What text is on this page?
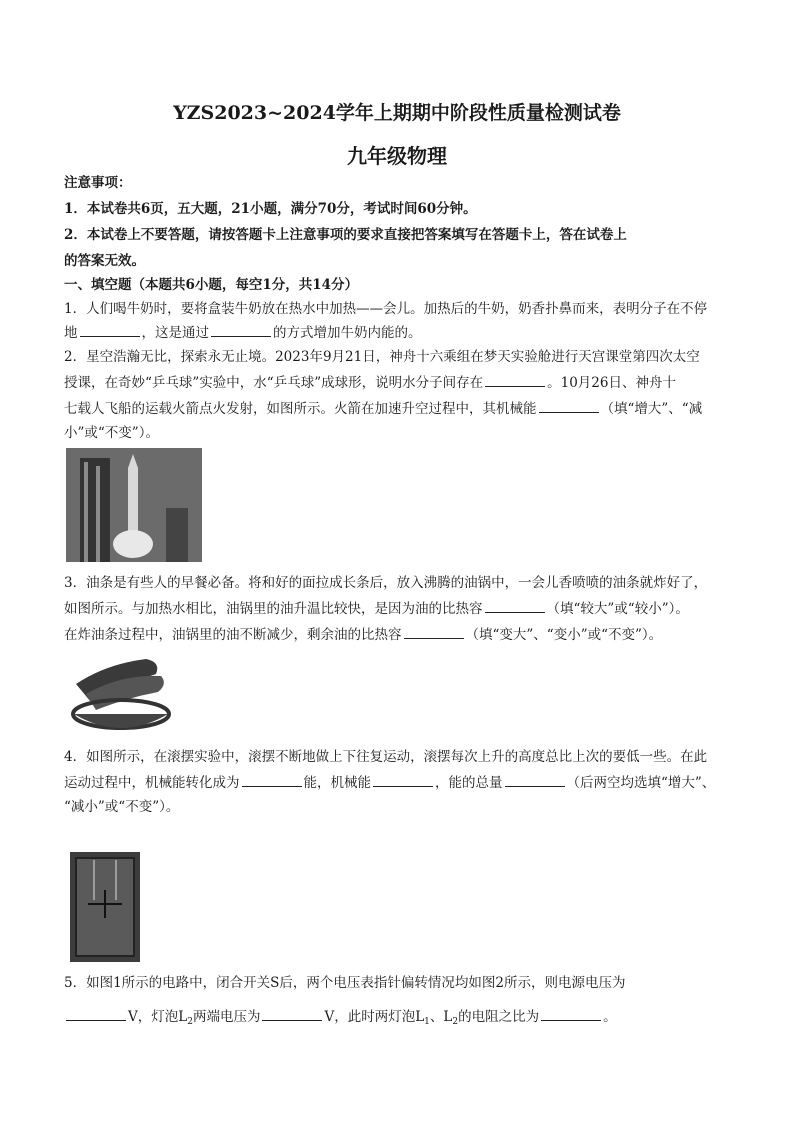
YZS2023~2024学年上期期中阶段性质量检测试卷
九年级物理
注意事项：
1．本试卷共6页，五大题，21小题，满分70分，考试时间60分钟。
2．本试卷上不要答题，请按答题卡上注意事项的要求直接把答案填写在答题卡上，答在试卷上
的答案无效。
一、填空题（本题共6小题，每空1分，共14分）
1．人们喝牛奶时，要将盒装牛奶放在热水中加热——会儿。加热后的牛奶，奶香扑鼻而来，表明分子在不停
地	，这是通过	的方式增加牛奶内能的。
2．星空浩瀚无比，探索永无止境。2023年9月21日，神舟十六乘组在梦天实验舱进行天宫课堂第四次太空
授课，在奇妙“乒乓球”实验中，水“乒乓球”成球形，说明水分子间存在	。10月26日、神舟十
七载人飞船的运载火箭点火发射，如图所示。火箭在加速升空过程中，其机械能	（填“增大”、“减
小”或“不变”）。
3．油条是有些人的早餐必备。将和好的面拉成长条后，放入沸腾的油锅中，一会儿香喷喷的油条就炸好了，
如图所示。与加热水相比，油锅里的油升温比较快，是因为油的比热容	（填“较大”或“较小”）。
在炸油条过程中，油锅里的油不断减少，剩余油的比热容	（填“变大”、“变小”或“不变”）。
4．如图所示，在滚摆实验中，滚摆不断地做上下往复运动，滚摆每次上升的高度总比上次的要低一些。在此
运动过程中，机械能转化成为	能，机械能	，能的总量	（后两空均选填“增大”、
“减小”或“不变”）。
5．如图1所示的电路中，闭合开关S后，两个电压表指针偏转情况均如图2所示，则电源电压为
V，灯泡$L_2$两端电压为	V，此时两灯泡$L_1$、$L_2$的电阻之比为	。
